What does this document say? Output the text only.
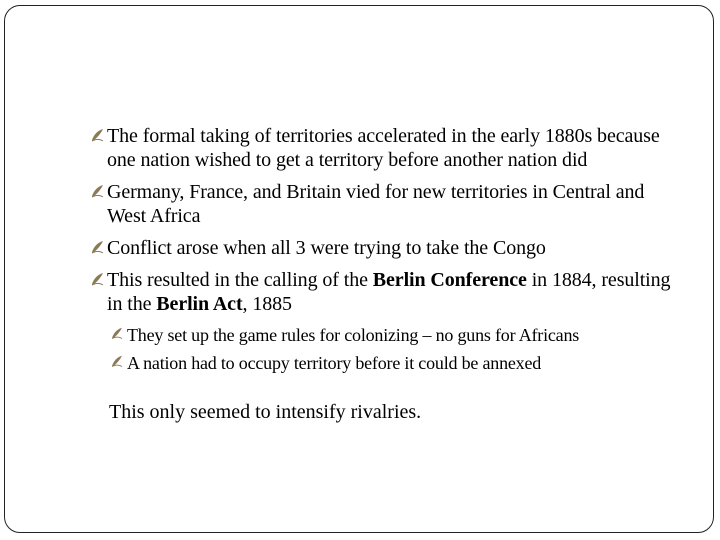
The formal taking of territories accelerated in the early 1880s because one nation wished to get a territory before another nation did
Germany, France, and Britain vied for new territories in Central and West Africa
Conflict arose when all 3 were trying to take the Congo
This resulted in the calling of the Berlin Conference in 1884, resulting in the Berlin Act, 1885
They set up the game rules for colonizing – no guns for Africans
A nation had to occupy territory before it could be annexed
This only seemed to intensify rivalries.
